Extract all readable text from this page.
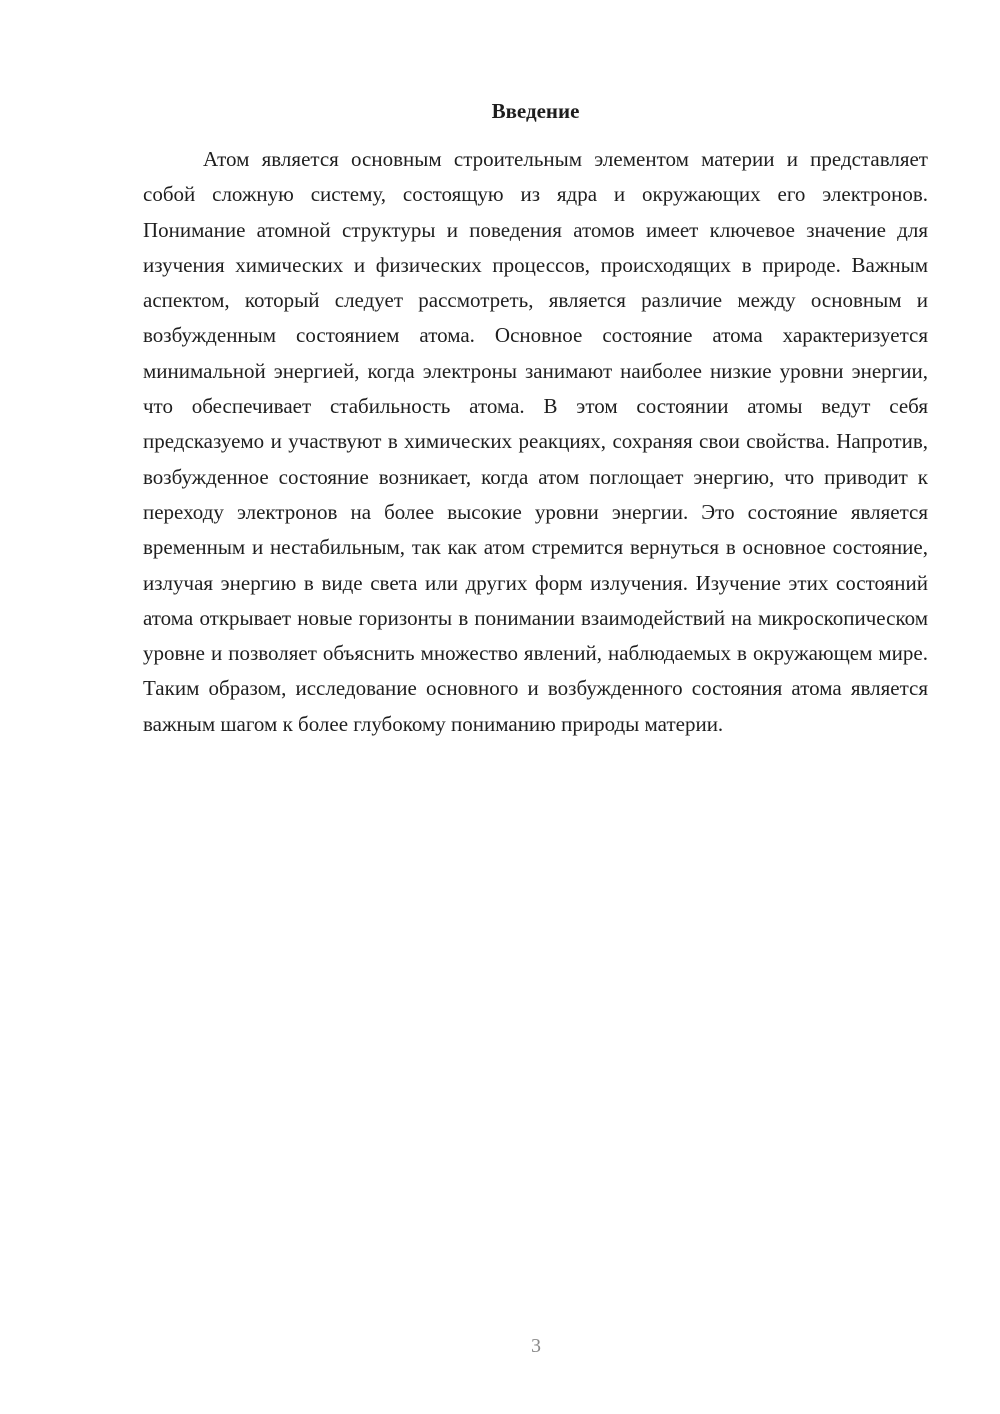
Введение

Атом является основным строительным элементом материи и представляет собой сложную систему, состоящую из ядра и окружающих его электронов. Понимание атомной структуры и поведения атомов имеет ключевое значение для изучения химических и физических процессов, происходящих в природе. Важным аспектом, который следует рассмотреть, является различие между основным и возбужденным состоянием атома. Основное состояние атома характеризуется минимальной энергией, когда электроны занимают наиболее низкие уровни энергии, что обеспечивает стабильность атома. В этом состоянии атомы ведут себя предсказуемо и участвуют в химических реакциях, сохраняя свои свойства. Напротив, возбужденное состояние возникает, когда атом поглощает энергию, что приводит к переходу электронов на более высокие уровни энергии. Это состояние является временным и нестабильным, так как атом стремится вернуться в основное состояние, излучая энергию в виде света или других форм излучения. Изучение этих состояний атома открывает новые горизонты в понимании взаимодействий на микроскопическом уровне и позволяет объяснить множество явлений, наблюдаемых в окружающем мире. Таким образом, исследование основного и возбужденного состояния атома является важным шагом к более глубокому пониманию природы материи.

3
